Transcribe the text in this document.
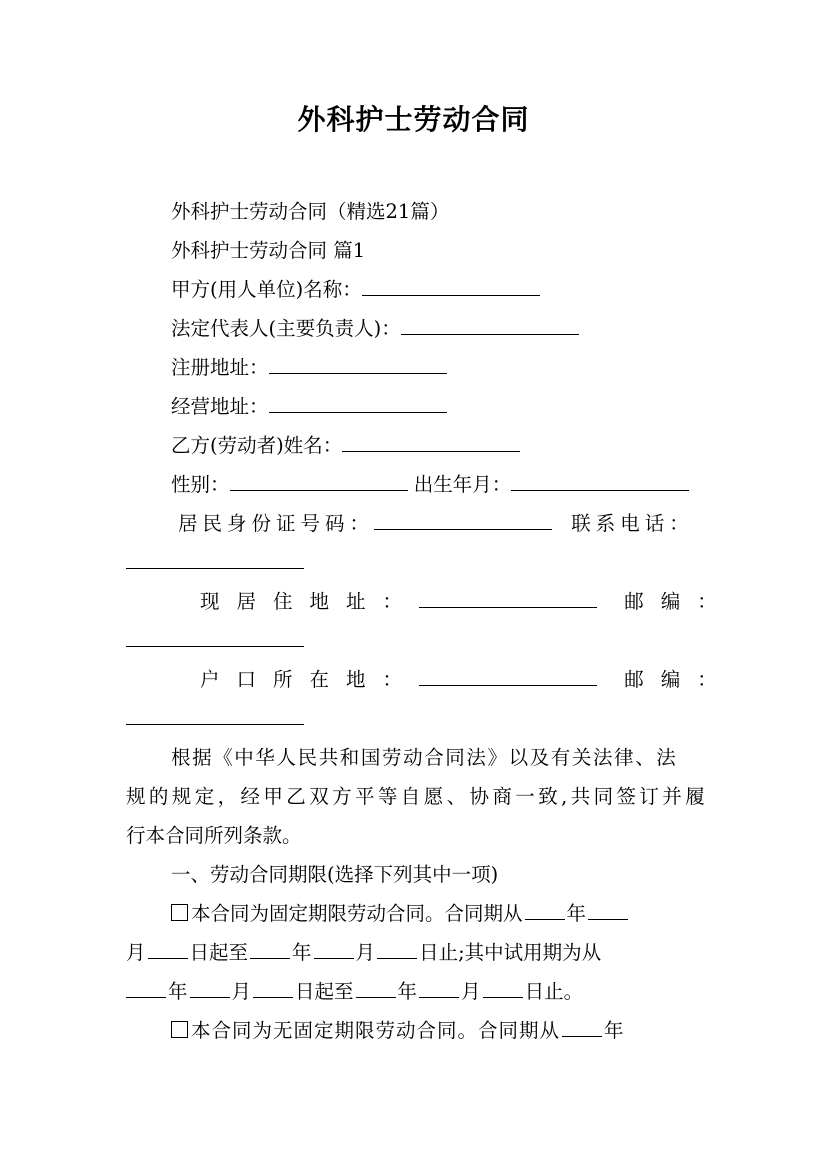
外科护士劳动合同
外科护士劳动合同（精选21篇）
外科护士劳动合同 篇1
甲方(用人单位)名称：
法定代表人(主要负责人)：
注册地址：
经营地址：
乙方(劳动者)姓名：
性别：	出生年月：
居民身份证号码：	联系电话：
现居住地址：	邮编：
户口所在地：	邮编：
根据《中华人民共和国劳动合同法》以及有关法律、法
规的规定，经甲乙双方平等自愿、协商一致,共同签订并履
行本合同所列条款。
一、劳动合同期限(选择下列其中一项)
本合同为固定期限劳动合同。合同期从 年
月 日起至 年 月 日止;其中试用期为从
年 月 日起至 年 月 日止。
本合同为无固定期限劳动合同。合同期从 年
